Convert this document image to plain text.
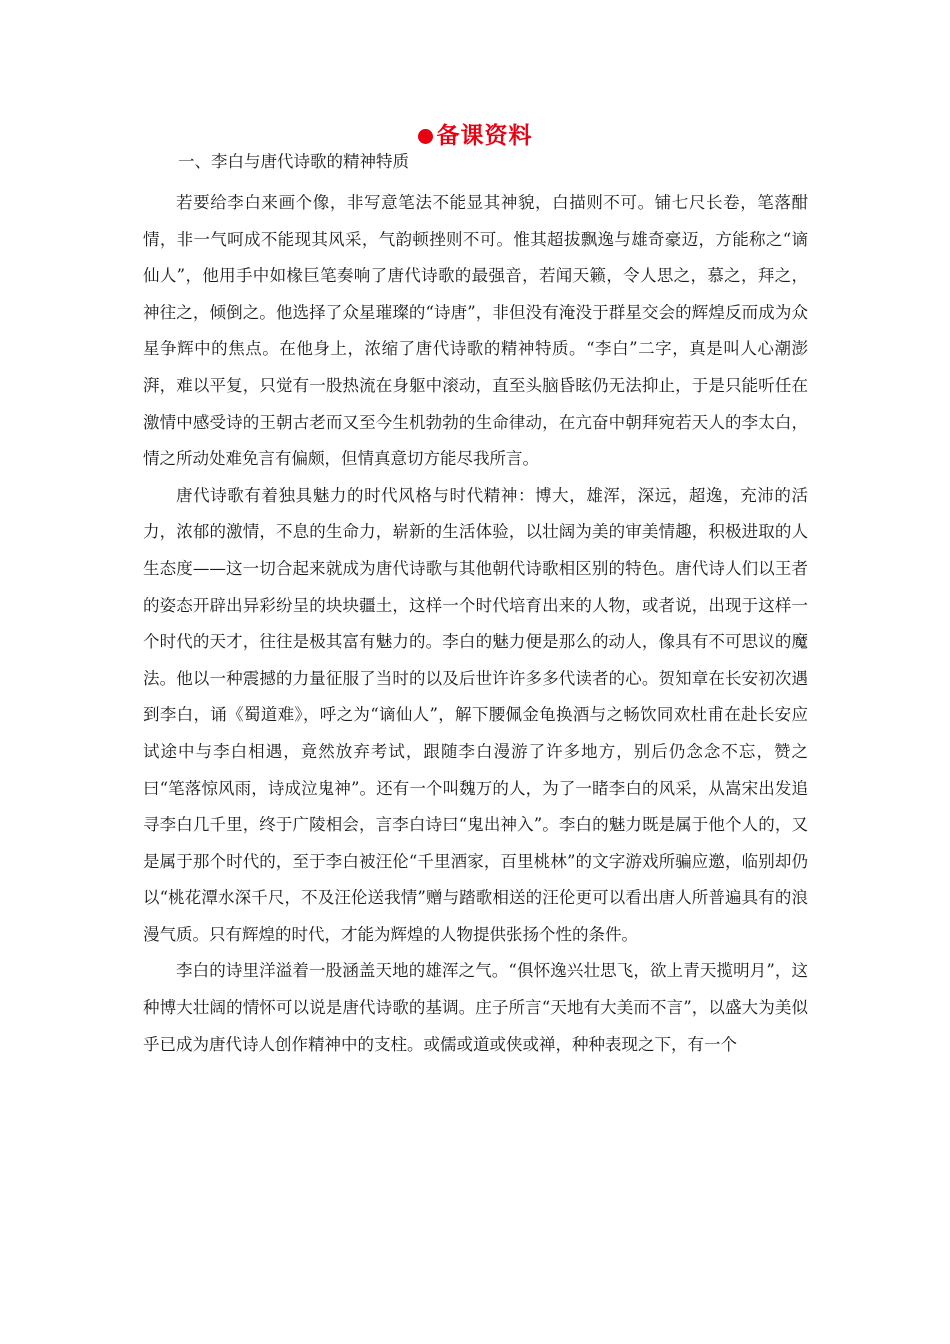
备课资料
一、李白与唐代诗歌的精神特质

若要给李白来画个像，非写意笔法不能显其神貌，白描则不可。铺七尺长卷，笔落酣情，非一气呵成不能现其风采，气韵顿挫则不可。惟其超拔飘逸与雄奇豪迈，方能称之“谪仙人”，他用手中如椽巨笔奏响了唐代诗歌的最强音，若闻天籁，令人思之，慕之，拜之，神往之，倾倒之。他选择了众星璀璨的“诗唐”，非但没有淹没于群星交会的辉煌反而成为众星争辉中的焦点。在他身上，浓缩了唐代诗歌的精神特质。“李白”二字，真是叫人心潮澎湃，难以平复，只觉有一股热流在身躯中滚动，直至头脑昏眩仍无法抑止，于是只能听任在激情中感受诗的王朝古老而又至今生机勃勃的生命律动，在亢奋中朝拜宛若天人的李太白，情之所动处难免言有偏颇，但情真意切方能尽我所言。

唐代诗歌有着独具魅力的时代风格与时代精神：博大，雄浑，深远，超逸，充沛的活力，浓郁的激情，不息的生命力，崭新的生活体验，以壮阔为美的审美情趣，积极进取的人生态度——这一切合起来就成为唐代诗歌与其他朝代诗歌相区别的特色。唐代诗人们以王者的姿态开辟出异彩纷呈的块块疆土，这样一个时代培育出来的人物，或者说，出现于这样一个时代的天才，往往是极其富有魅力的。李白的魅力便是那么的动人，像具有不可思议的魔法。他以一种震撼的力量征服了当时的以及后世许许多多代读者的心。贺知章在长安初次遇到李白，诵《蜀道难》，呼之为“谪仙人”，解下腰佩金龟换酒与之畅饮同欢杜甫在赴长安应试途中与李白相遇，竟然放弃考试，跟随李白漫游了许多地方，别后仍念念不忘，赞之曰“笔落惊风雨，诗成泣鬼神”。还有一个叫魏万的人，为了一睹李白的风采，从嵩宋出发追寻李白几千里，终于广陵相会，言李白诗曰“鬼出神入”。李白的魅力既是属于他个人的，又是属于那个时代的，至于李白被汪伦“千里酒家，百里桃林”的文字游戏所骗应邀，临别却仍以“桃花潭水深千尺，不及汪伦送我情”赠与踏歌相送的汪伦更可以看出唐人所普遍具有的浪漫气质。只有辉煌的时代，才能为辉煌的人物提供张扬个性的条件。

李白的诗里洋溢着一股涵盖天地的雄浑之气。“俱怀逸兴壮思飞，欲上青天揽明月”，这种博大壮阔的情怀可以说是唐代诗歌的基调。庄子所言“天地有大美而不言”，以盛大为美似乎已成为唐代诗人创作精神中的支柱。或儒或道或侠或禅，种种表现之下，有一个
